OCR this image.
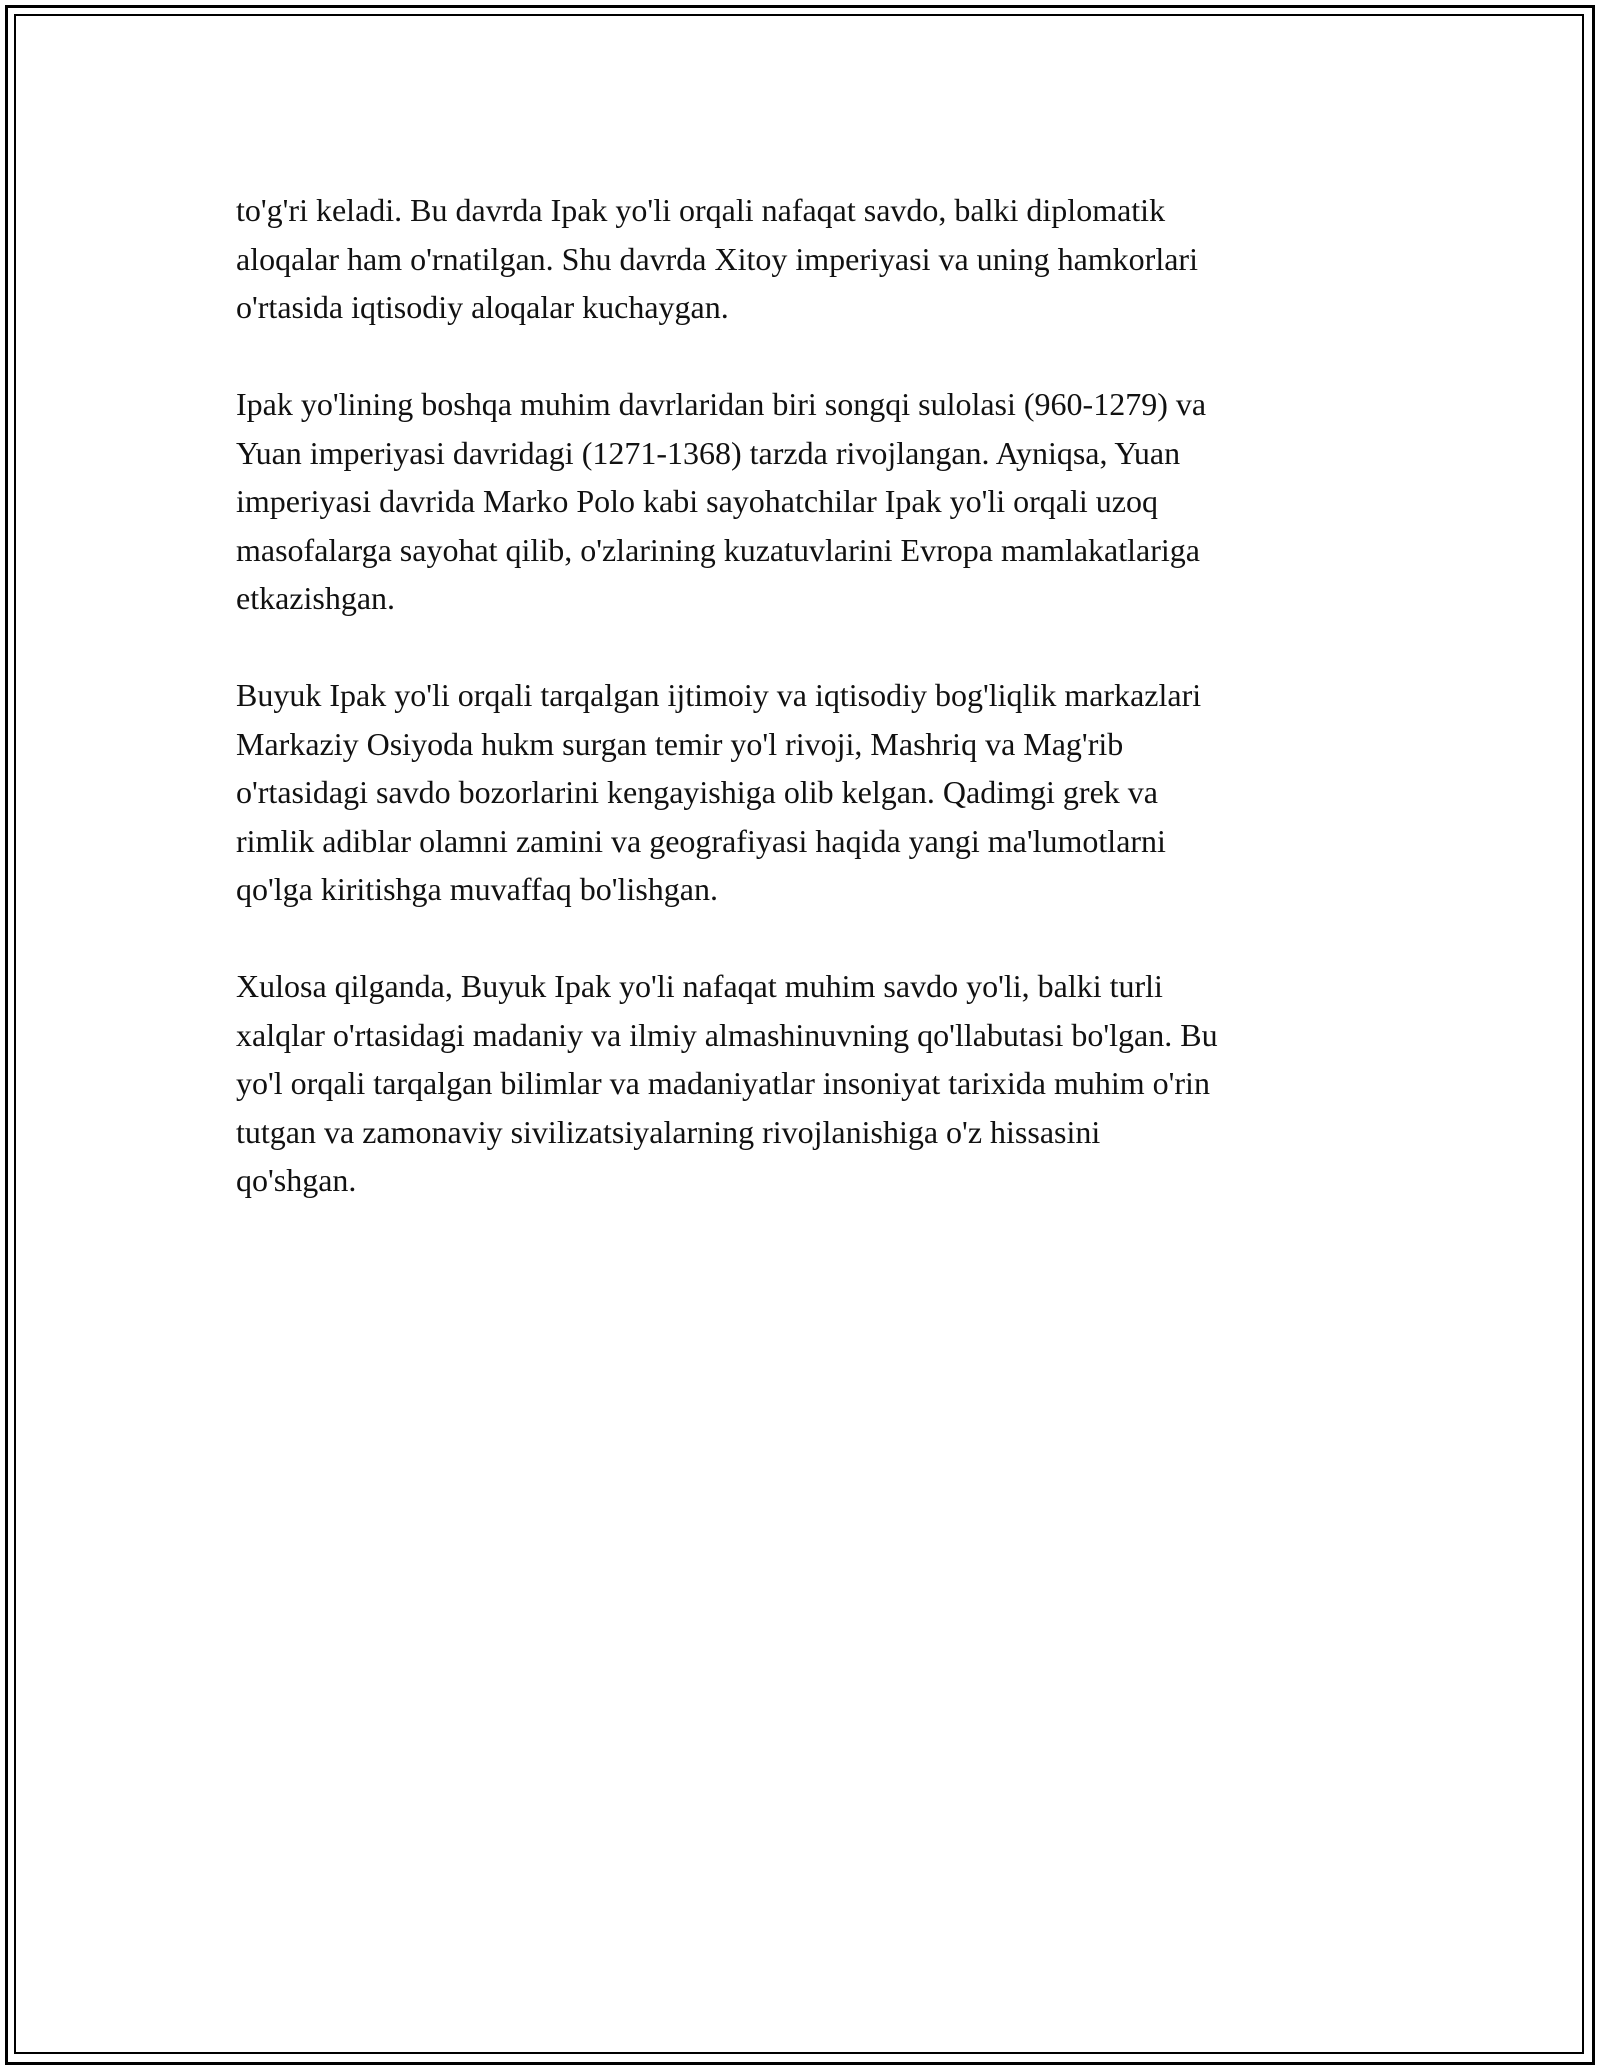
to'g'ri keladi. Bu davrda Ipak yo'li orqali nafaqat savdo, balki diplomatik
aloqalar ham o'rnatilgan. Shu davrda Xitoy imperiyasi va uning hamkorlari
o'rtasida iqtisodiy aloqalar kuchaygan.

Ipak yo'lining boshqa muhim davrlaridan biri songqi sulolasi (960-1279) va
Yuan imperiyasi davridagi (1271-1368) tarzda rivojlangan. Ayniqsa, Yuan
imperiyasi davrida Marko Polo kabi sayohatchilar Ipak yo'li orqali uzoq
masofalarga sayohat qilib, o'zlarining kuzatuvlarini Evropa mamlakatlariga
etkazishgan.

Buyuk Ipak yo'li orqali tarqalgan ijtimoiy va iqtisodiy bog'liqlik markazlari
Markaziy Osiyoda hukm surgan temir yo'l rivoji, Mashriq va Mag'rib
o'rtasidagi savdo bozorlarini kengayishiga olib kelgan. Qadimgi grek va
rimlik adiblar olamni zamini va geografiyasi haqida yangi ma'lumotlarni
qo'lga kiritishga muvaffaq bo'lishgan.

Xulosa qilganda, Buyuk Ipak yo'li nafaqat muhim savdo yo'li, balki turli
xalqlar o'rtasidagi madaniy va ilmiy almashinuvning qo'llabutasi bo'lgan. Bu
yo'l orqali tarqalgan bilimlar va madaniyatlar insoniyat tarixida muhim o'rin
tutgan va zamonaviy sivilizatsiyalarning rivojlanishiga o'z hissasini
qo'shgan.
